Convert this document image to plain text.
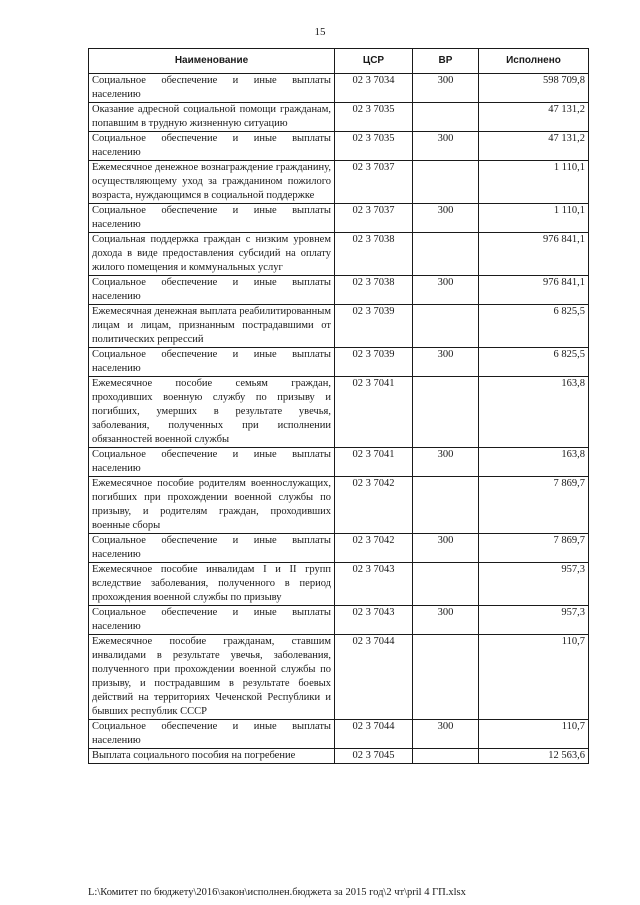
15
Наименование	ЦСР	ВР	Исполнено
Социальное обеспечение и иные выплаты населению	02 3 7034	300	598 709,8
Оказание адресной социальной помощи гражданам, попавшим в трудную жизненную ситуацию	02 3 7035		47 131,2
Социальное обеспечение и иные выплаты населению	02 3 7035	300	47 131,2
Ежемесячное денежное вознаграждение гражданину, осуществляющему уход за гражданином пожилого возраста, нуждающимся в социальной поддержке	02 3 7037		1 110,1
Социальное обеспечение и иные выплаты населению	02 3 7037	300	1 110,1
Социальная поддержка граждан с низким уровнем дохода в виде предоставления субсидий на оплату жилого помещения и коммунальных услуг	02 3 7038		976 841,1
Социальное обеспечение и иные выплаты населению	02 3 7038	300	976 841,1
Ежемесячная денежная выплата реабилитированным лицам и лицам, признанным пострадавшими от политических репрессий	02 3 7039		6 825,5
Социальное обеспечение и иные выплаты населению	02 3 7039	300	6 825,5
Ежемесячное пособие семьям граждан, проходивших военную службу по призыву и погибших, умерших в результате увечья, заболевания, полученных при исполнении обязанностей военной службы	02 3 7041		163,8
Социальное обеспечение и иные выплаты населению	02 3 7041	300	163,8
Ежемесячное пособие родителям военнослужащих, погибших при прохождении военной службы по призыву, и родителям граждан, проходивших военные сборы	02 3 7042		7 869,7
Социальное обеспечение и иные выплаты населению	02 3 7042	300	7 869,7
Ежемесячное пособие инвалидам I и II групп вследствие заболевания, полученного в период прохождения военной службы по призыву	02 3 7043		957,3
Социальное обеспечение и иные выплаты населению	02 3 7043	300	957,3
Ежемесячное пособие гражданам, ставшим инвалидами в результате увечья, заболевания, полученного при прохождении военной службы по призыву, и пострадавшим в результате боевых действий на территориях Чеченской Республики и бывших республик СССР	02 3 7044		110,7
Социальное обеспечение и иные выплаты населению	02 3 7044	300	110,7
Выплата социального пособия на погребение	02 3 7045		12 563,6
L:\Комитет по бюджету\2016\закон\исполнен.бюджета за 2015 год\2 чт\pril 4 ГП.xlsx
